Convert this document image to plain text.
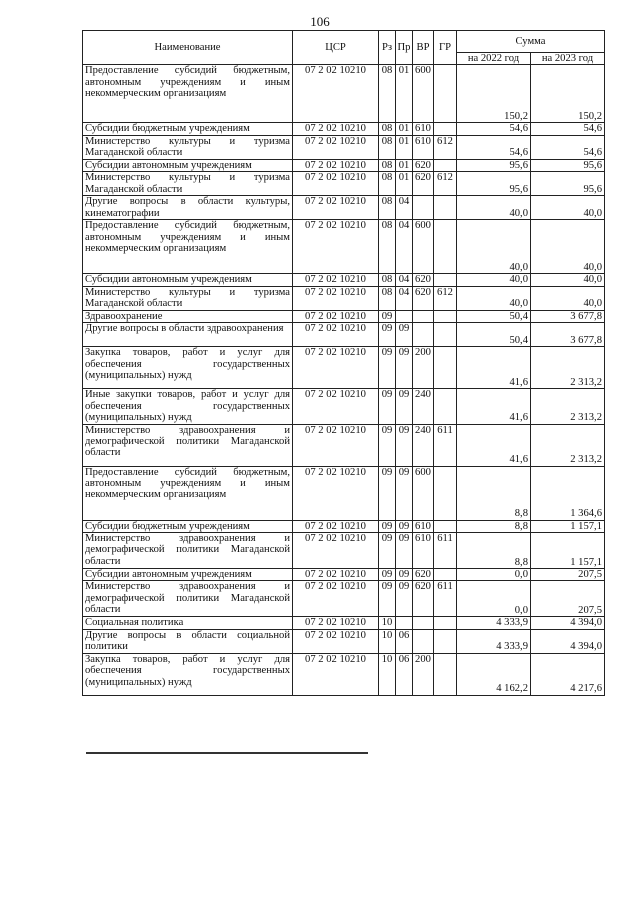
106
Наименование	ЦСР	Рз	Пр	ВР	ГР	Сумма	
						на 2022 год	на 2023 год
Предоставление субсидий бюджетным, автономным учреждениям и иным некоммерческим организациям	07 2 02 10210	08	01	600		150,2	150,2
Субсидии бюджетным учреждениям	07 2 02 10210	08	01	610		54,6	54,6
Министерство культуры и туризма Магаданской области	07 2 02 10210	08	01	610	612	54,6	54,6
Субсидии автономным учреждениям	07 2 02 10210	08	01	620		95,6	95,6
Министерство культуры и туризма Магаданской области	07 2 02 10210	08	01	620	612	95,6	95,6
Другие вопросы в области культуры, кинематографии	07 2 02 10210	08	04			40,0	40,0
Предоставление субсидий бюджетным, автономным учреждениям и иным некоммерческим организациям	07 2 02 10210	08	04	600		40,0	40,0
Субсидии автономным учреждениям	07 2 02 10210	08	04	620		40,0	40,0
Министерство культуры и туризма Магаданской области	07 2 02 10210	08	04	620	612	40,0	40,0
Здравоохранение	07 2 02 10210	09				50,4	3 677,8
Другие вопросы в области здравоохранения	07 2 02 10210	09	09			50,4	3 677,8
Закупка товаров, работ и услуг для обеспечения государственных (муниципальных) нужд	07 2 02 10210	09	09	200		41,6	2 313,2
Иные закупки товаров, работ и услуг для обеспечения государственных (муниципальных) нужд	07 2 02 10210	09	09	240		41,6	2 313,2
Министерство здравоохранения и демографической политики Магаданской области	07 2 02 10210	09	09	240	611	41,6	2 313,2
Предоставление субсидий бюджетным, автономным учреждениям и иным некоммерческим организациям	07 2 02 10210	09	09	600		8,8	1 364,6
Субсидии бюджетным учреждениям	07 2 02 10210	09	09	610		8,8	1 157,1
Министерство здравоохранения и демографической политики Магаданской области	07 2 02 10210	09	09	610	611	8,8	1 157,1
Субсидии автономным учреждениям	07 2 02 10210	09	09	620		0,0	207,5
Министерство здравоохранения и демографической политики Магаданской области	07 2 02 10210	09	09	620	611	0,0	207,5
Социальная политика	07 2 02 10210	10				4 333,9	4 394,0
Другие вопросы в области социальной политики	07 2 02 10210	10	06			4 333,9	4 394,0
Закупка товаров, работ и услуг для обеспечения государственных (муниципальных) нужд	07 2 02 10210	10	06	200		4 162,2	4 217,6
